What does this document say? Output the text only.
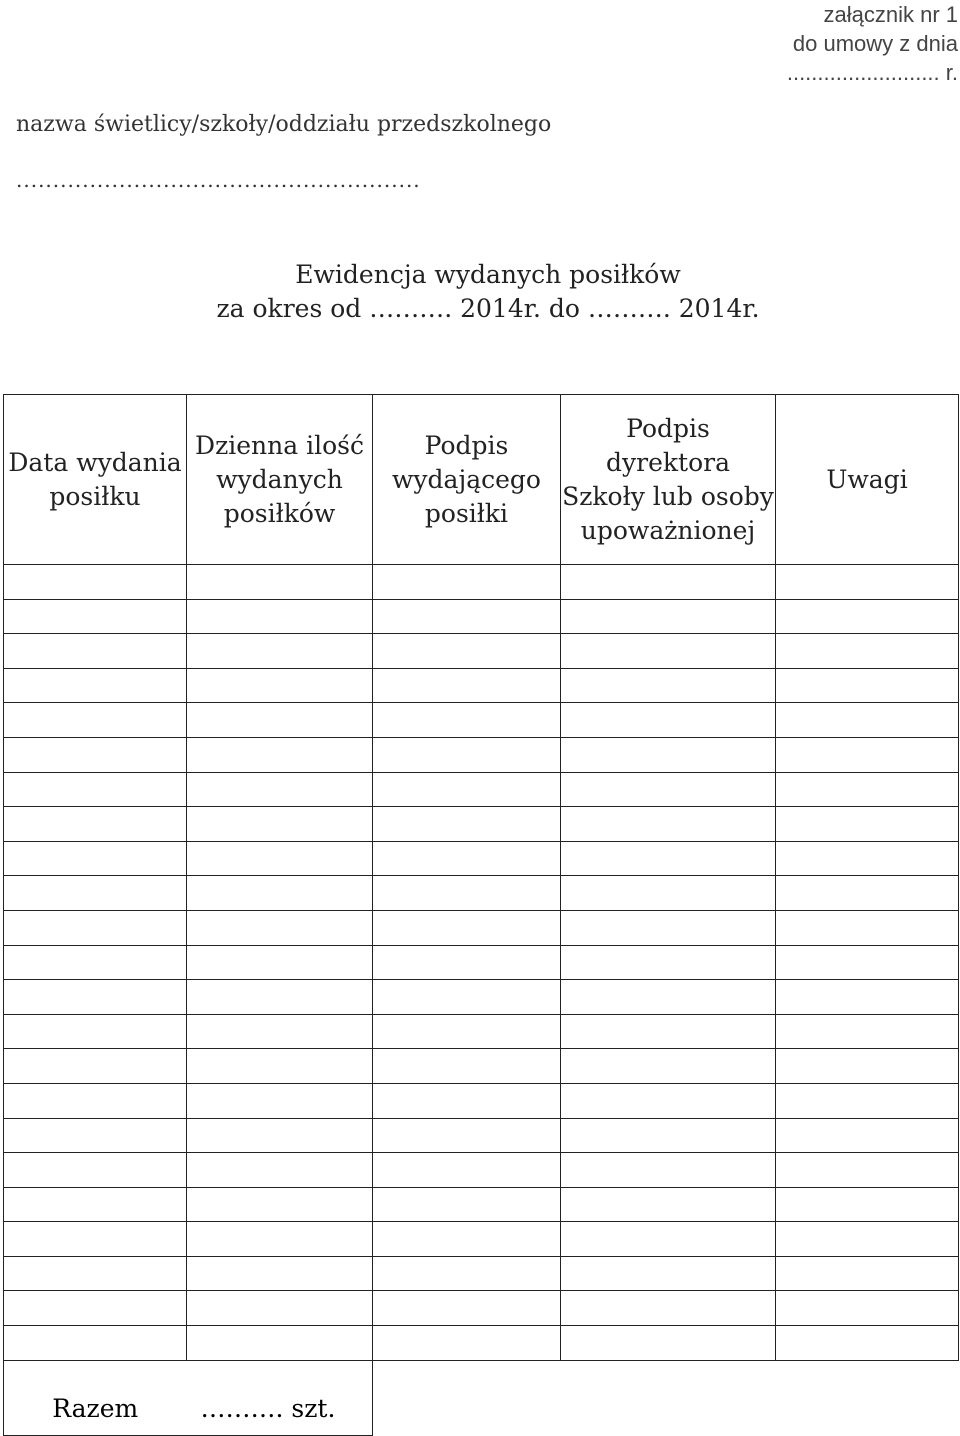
załącznik nr 1
do umowy z dnia
......................... r.
nazwa świetlicy/szkoły/oddziału przedszkolnego
.......................................................
Ewidencja wydanych posiłków
za okres od ………. 2014r. do ………. 2014r.
Data wydania posiłku	Dzienna ilość wydanych posiłków	Podpis wydającego posiłki	Podpis dyrektora Szkoły lub osoby upoważnionej	Uwagi

Razem	………. szt.			
